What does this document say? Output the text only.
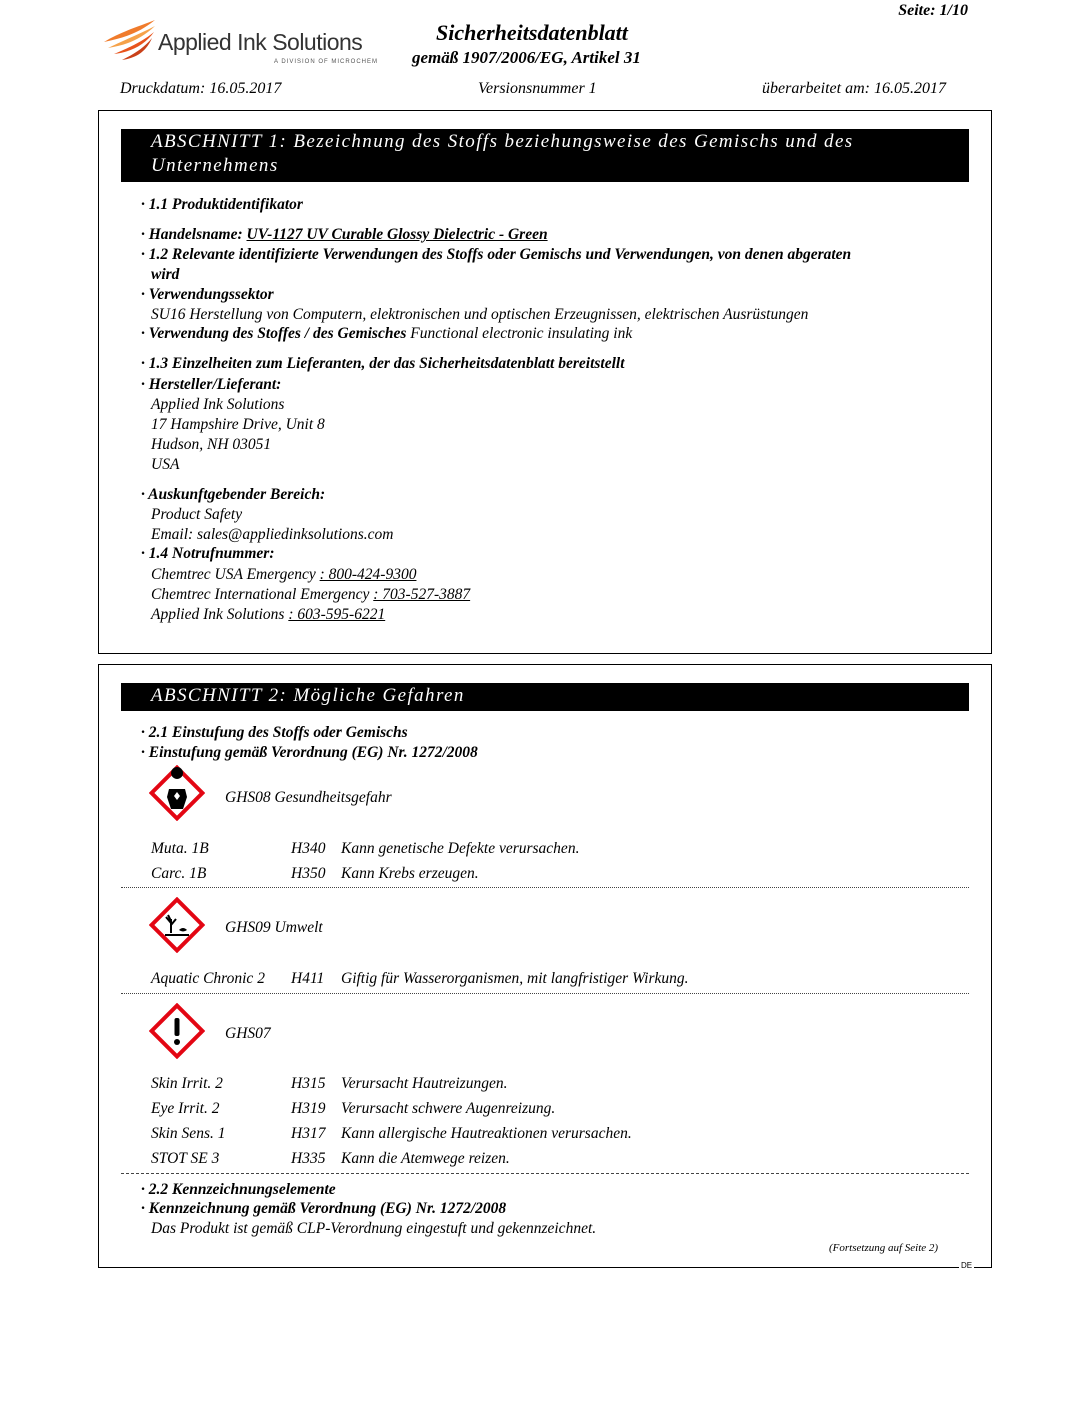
Applied Ink Solutions
A DIVISION OF MICROCHEM
Seite: 1/10
Sicherheitsdatenblatt
gemäß 1907/2006/EG, Artikel 31
Druckdatum: 16.05.2017	Versionsnummer 1	überarbeitet am: 16.05.2017
ABSCHNITT 1: Bezeichnung des Stoffs beziehungsweise des Gemischs und des
Unternehmens
· 1.1 Produktidentifikator
· Handelsname: UV-1127 UV Curable Glossy Dielectric - Green
· 1.2 Relevante identifizierte Verwendungen des Stoffs oder Gemischs und Verwendungen, von denen abgeraten
wird
· Verwendungssektor
SU16 Herstellung von Computern, elektronischen und optischen Erzeugnissen, elektrischen Ausrüstungen
· Verwendung des Stoffes / des Gemisches Functional electronic insulating ink
· 1.3 Einzelheiten zum Lieferanten, der das Sicherheitsdatenblatt bereitstellt
· Hersteller/Lieferant:
Applied Ink Solutions
17 Hampshire Drive, Unit 8
Hudson, NH 03051
USA
· Auskunftgebender Bereich:
Product Safety
Email: sales@appliedinksolutions.com
· 1.4 Notrufnummer:
Chemtrec USA Emergency : 800-424-9300
Chemtrec International Emergency : 703-527-3887
Applied Ink Solutions : 603-595-6221
ABSCHNITT 2: Mögliche Gefahren
· 2.1 Einstufung des Stoffs oder Gemischs
· Einstufung gemäß Verordnung (EG) Nr. 1272/2008
GHS08 Gesundheitsgefahr
Muta. 1B	H340 Kann genetische Defekte verursachen.
Carc. 1B	H350 Kann Krebs erzeugen.
GHS09 Umwelt
Aquatic Chronic 2 H411 Giftig für Wasserorganismen, mit langfristiger Wirkung.
GHS07
Skin Irrit. 2	H315 Verursacht Hautreizungen.
Eye Irrit. 2	H319 Verursacht schwere Augenreizung.
Skin Sens. 1	H317 Kann allergische Hautreaktionen verursachen.
STOT SE 3	H335 Kann die Atemwege reizen.
· 2.2 Kennzeichnungselemente
· Kennzeichnung gemäß Verordnung (EG) Nr. 1272/2008
Das Produkt ist gemäß CLP-Verordnung eingestuft und gekennzeichnet.
(Fortsetzung auf Seite 2)
DE
